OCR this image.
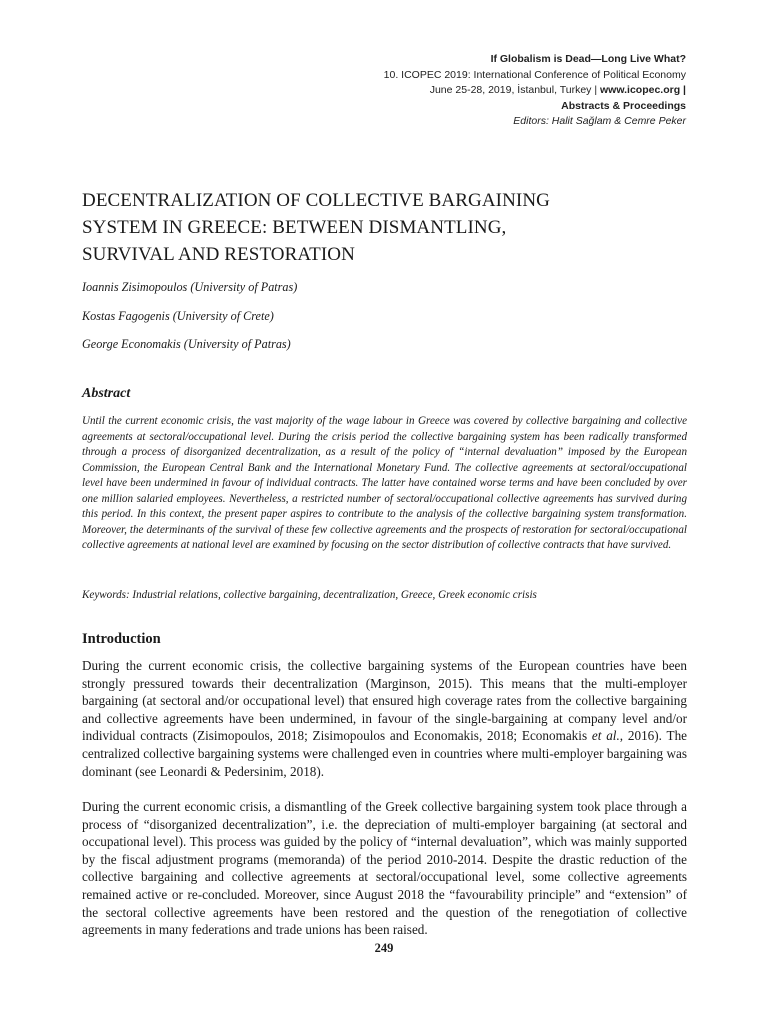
If Globalism is Dead—Long Live What?
10. ICOPEC 2019: International Conference of Political Economy
June 25-28, 2019, İstanbul, Turkey | www.icopec.org |
Abstracts & Proceedings
Editors: Halit Sağlam & Cemre Peker
DECENTRALIZATION OF COLLECTIVE BARGAINING
SYSTEM IN GREECE: BETWEEN DISMANTLING,
SURVIVAL AND RESTORATION
Ioannis Zisimopoulos (University of Patras)
Kostas Fagogenis (University of Crete)
George Economakis (University of Patras)
Abstract

Until the current economic crisis, the vast majority of the wage labour in Greece was covered by collective bargaining and collective agreements at sectoral/occupational level. During the crisis period the collective bargaining system has been radically transformed through a process of disorganized decentralization, as a result of the policy of “internal devaluation” imposed by the European Commission, the European Central Bank and the International Monetary Fund. The collective agreements at sectoral/occupational level have been undermined in favour of individual contracts. The latter have contained worse terms and have been concluded by over one million salaried employees. Nevertheless, a restricted number of sectoral/occupational collective agreements has survived during this period. In this context, the present paper aspires to contribute to the analysis of the collective bargaining system transformation. Moreover, the determinants of the survival of these few collective agreements and the prospects of restoration for sectoral/occupational collective agreements at national level are examined by focusing on the sector distribution of collective contracts that have survived.

Keywords: Industrial relations, collective bargaining, decentralization, Greece, Greek economic crisis
Introduction

During the current economic crisis, the collective bargaining systems of the European countries have been strongly pressured towards their decentralization (Marginson, 2015). This means that the multi-employer bargaining (at sectoral and/or occupational level) that ensured high coverage rates from the collective bargaining and collective agreements have been undermined, in favour of the single-bargaining at company level and/or individual contracts (Zisimopoulos, 2018; Zisimopoulos and Economakis, 2018; Economakis et al., 2016). The centralized collective bargaining systems were challenged even in countries where multi-employer bargaining was dominant (see Leonardi & Pedersinim, 2018).

During the current economic crisis, a dismantling of the Greek collective bargaining system took place through a process of “disorganized decentralization”, i.e. the depreciation of multi-employer bargaining (at sectoral and occupational level). This process was guided by the policy of “internal devaluation”, which was mainly supported by the fiscal adjustment programs (memoranda) of the period 2010-2014. Despite the drastic reduction of the collective bargaining and collective agreements at sectoral/occupational level, some collective agreements remained active or re-concluded. Moreover, since August 2018 the “favourability principle” and “extension” of the sectoral collective agreements have been restored and the question of the renegotiation of collective agreements in many federations and trade unions has been raised.

249
